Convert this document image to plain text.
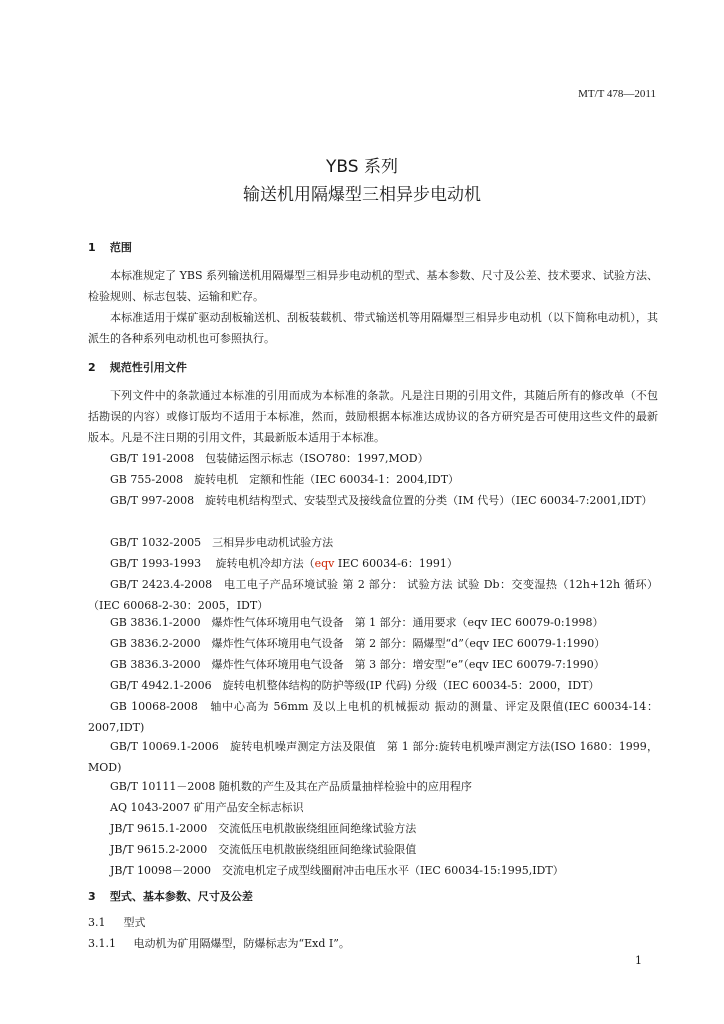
MT/T 478—2011
YBS 系列
输送机用隔爆型三相异步电动机
1 范围
本标准规定了 YBS 系列输送机用隔爆型三相异步电动机的型式、基本参数、尺寸及公差、技术要求、试验方法、检验规则、标志包装、运输和贮存。
本标准适用于煤矿驱动刮板输送机、刮板装载机、带式输送机等用隔爆型三相异步电动机（以下简称电动机），其派生的各种系列电动机也可参照执行。
2 规范性引用文件
下列文件中的条款通过本标准的引用而成为本标准的条款。凡是注日期的引用文件，其随后所有的修改单（不包括勘误的内容）或修订版均不适用于本标准，然而，鼓励根据本标准达成协议的各方研究是否可使用这些文件的最新版本。凡是不注日期的引用文件，其最新版本适用于本标准。
GB/T 191-2008　包装储运图示标志（ISO780：1997,MOD）
GB 755-2008　旋转电机　定额和性能（IEC 60034-1：2004,IDT）
GB/T 997-2008　旋转电机结构型式、安装型式及接线盒位置的分类（IM 代号）（IEC 60034-7:2001,IDT）
GB/T 1032-2005　三相异步电动机试验方法
GB/T 1993-1993　 旋转电机冷却方法（eqv IEC 60034-6：1991）
GB/T 2423.4-2008　电工电子产品环境试验 第 2 部分： 试验方法 试验 Db：交变湿热（12h+12h 循环）（IEC 60068-2-30：2005，IDT）
GB 3836.1-2000　爆炸性气体环境用电气设备　第 1 部分：通用要求（eqv IEC 60079-0:1998）
GB 3836.2-2000　爆炸性气体环境用电气设备　第 2 部分：隔爆型“d”（eqv IEC 60079-1:1990）
GB 3836.3-2000　爆炸性气体环境用电气设备　第 3 部分：增安型“e”（eqv IEC 60079-7:1990）
GB/T 4942.1-2006　旋转电机整体结构的防护等级(IP 代码) 分级（IEC 60034-5：2000，IDT）
GB 10068-2008　轴中心高为 56mm 及以上电机的机械振动 振动的测量、评定及限值(IEC 60034-14：2007,IDT)
GB/T 10069.1-2006　旋转电机噪声测定方法及限值　第 1 部分:旋转电机噪声测定方法(ISO 1680：1999，MOD)
GB/T 10111－2008 随机数的产生及其在产品质量抽样检验中的应用程序
AQ 1043-2007 矿用产品安全标志标识
JB/T 9615.1-2000　交流低压电机散嵌绕组匝间绝缘试验方法
JB/T 9615.2-2000　交流低压电机散嵌绕组匝间绝缘试验限值
JB/T 10098－2000　交流电机定子成型线圈耐冲击电压水平（IEC 60034-15:1995,IDT）
3 型式、基本参数、尺寸及公差
3.1 型式
3.1.1 电动机为矿用隔爆型，防爆标志为“Exd I”。
1
